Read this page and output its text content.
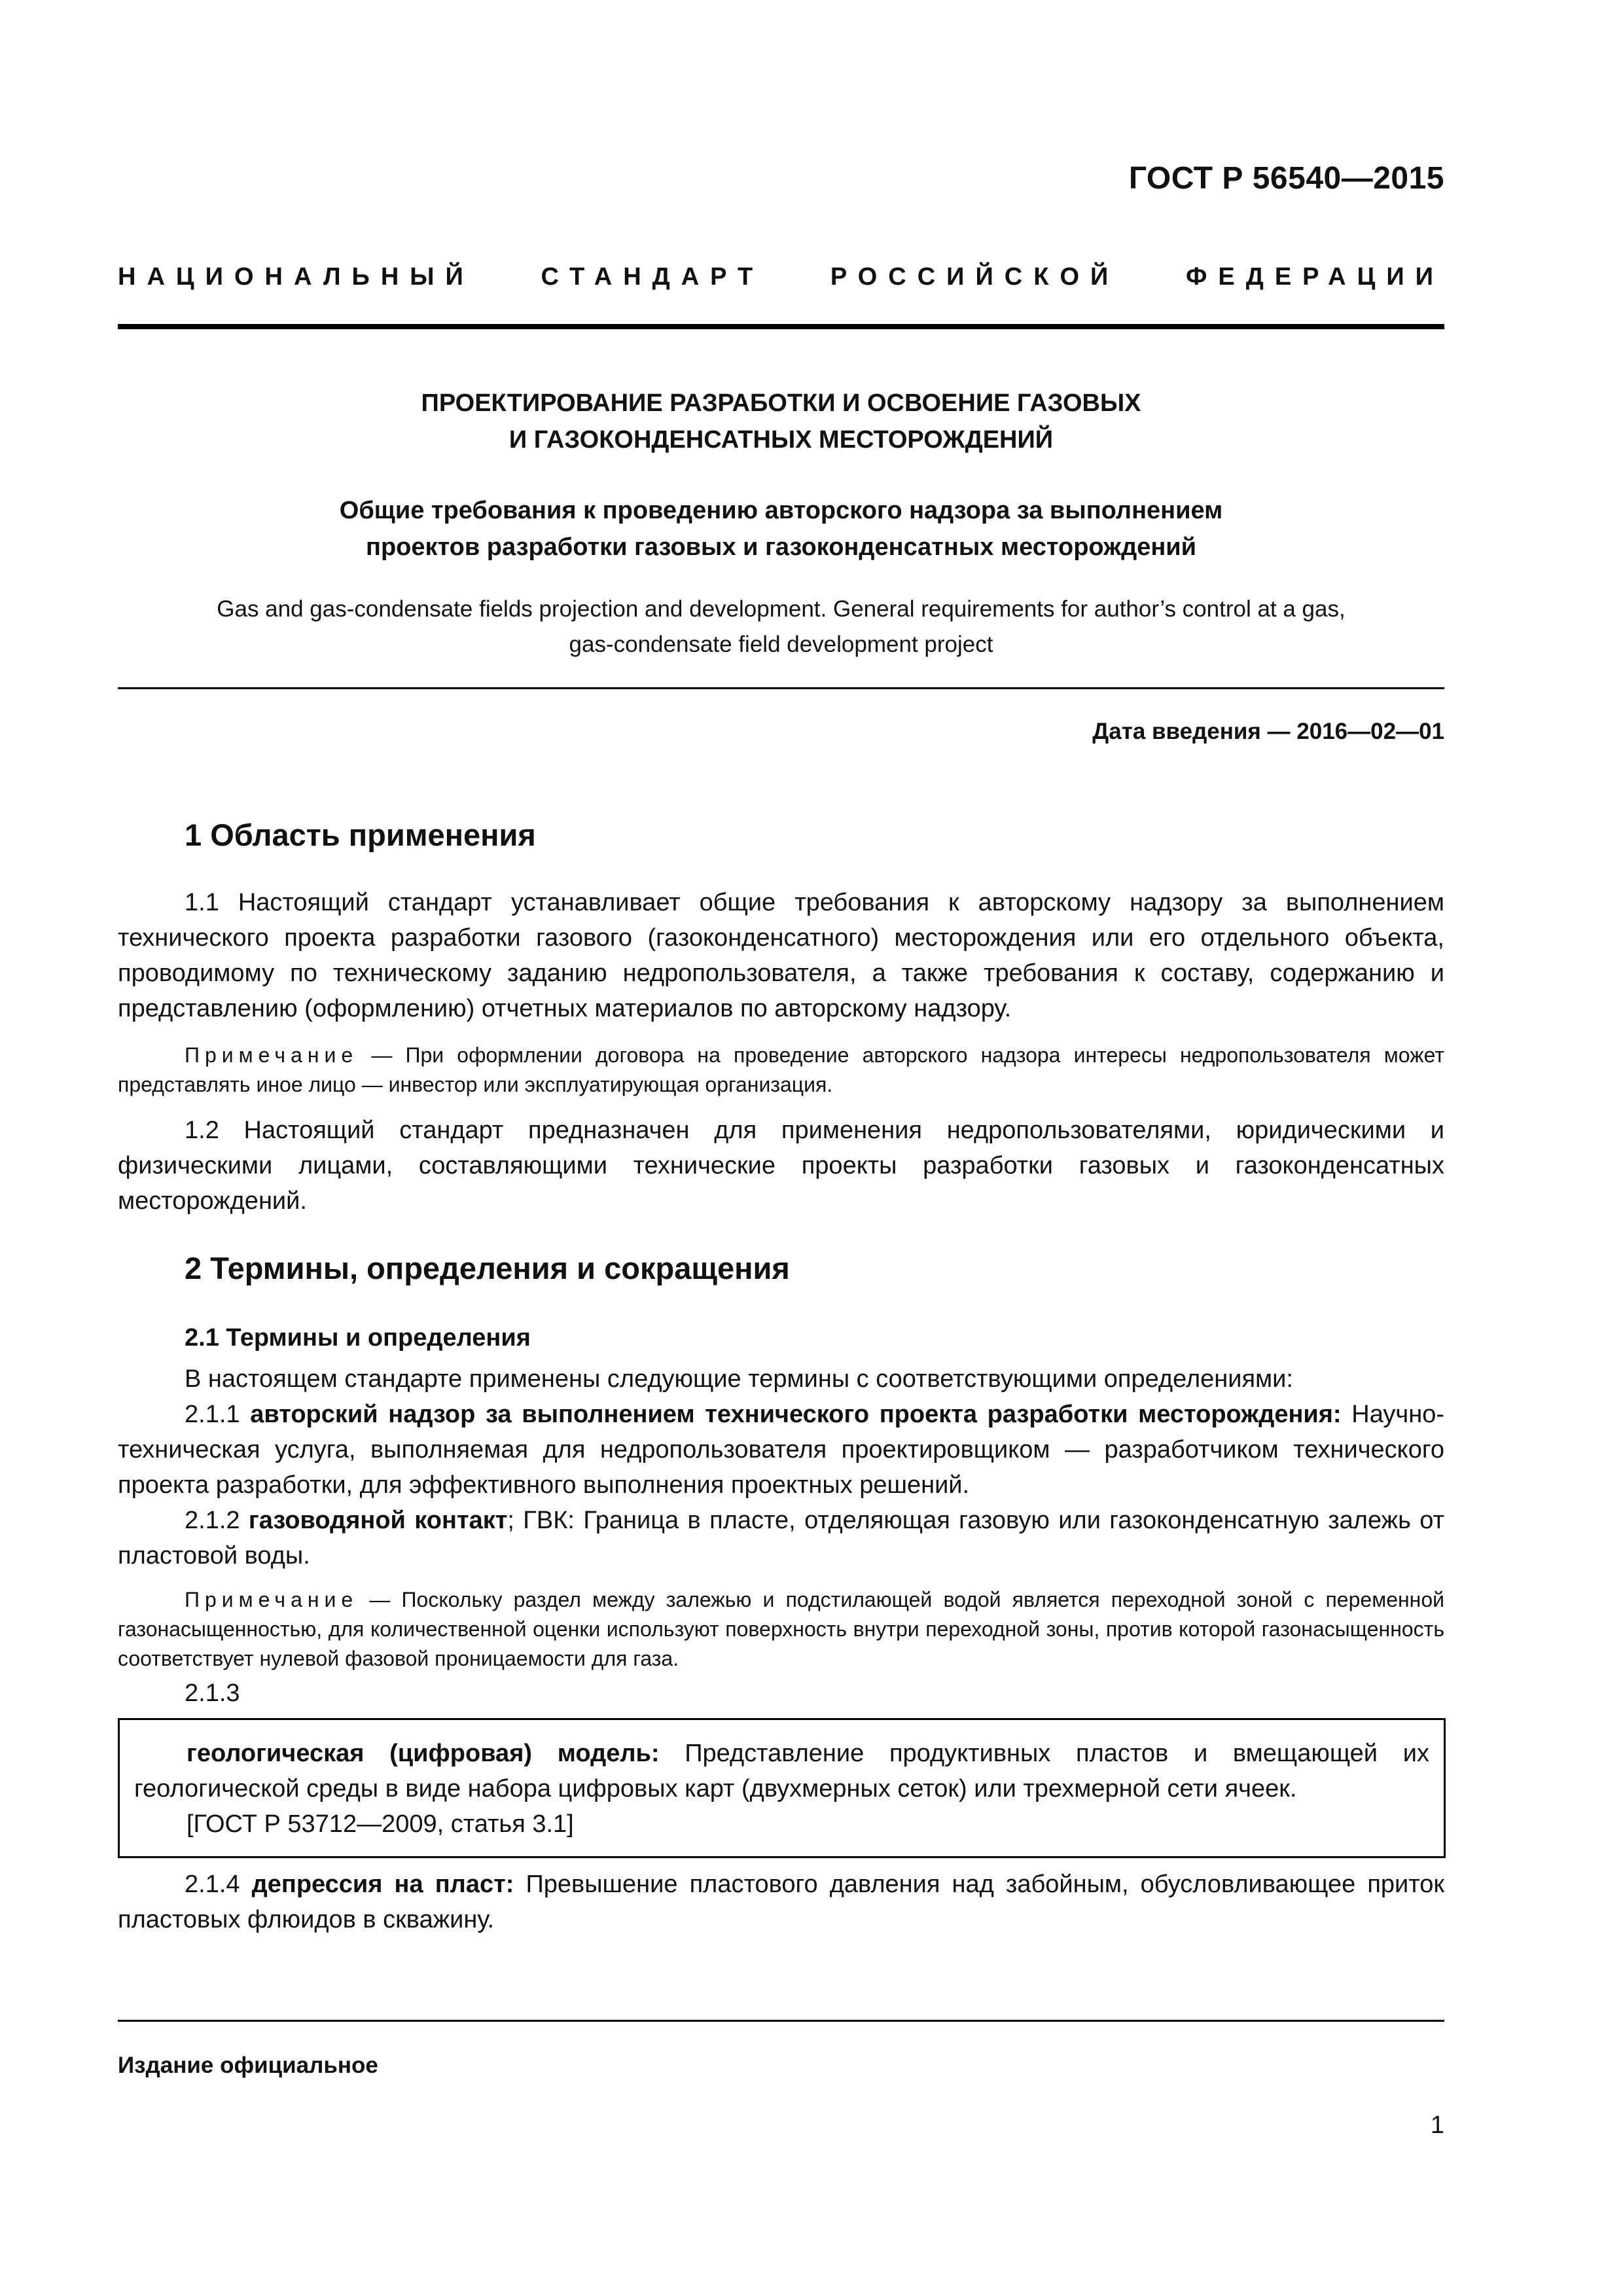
ГОСТ Р 56540—2015
НАЦИОНАЛЬНЫЙ	СТАНДАРТ	РОССИЙСКОЙ	ФЕДЕРАЦИИ
ПРОЕКТИРОВАНИЕ РАЗРАБОТКИ И ОСВОЕНИЕ ГАЗОВЫХ
И ГАЗОКОНДЕНСАТНЫХ МЕСТОРОЖДЕНИЙ
Общие требования к проведению авторского надзора за выполнением
проектов разработки газовых и газоконденсатных месторождений
Gas and gas-condensate fields projection and development. General requirements for author’s control at a gas,
gas-condensate field development project
Дата введения — 2016—02—01
1 Область применения
1.1 Настоящий стандарт устанавливает общие требования к авторскому надзору за выполнением технического проекта разработки газового (газоконденсатного) месторождения или его отдельного объекта, проводимому по техническому заданию недропользователя, а также требования к составу, содержанию и представлению (оформлению) отчетных материалов по авторскому надзору.
Примечание — При оформлении договора на проведение авторского надзора интересы недропользователя может представлять иное лицо — инвестор или эксплуатирующая организация.
1.2 Настоящий стандарт предназначен для применения недропользователями, юридическими и физическими лицами, составляющими технические проекты разработки газовых и газоконденсатных месторождений.
2 Термины, определения и сокращения
2.1 Термины и определения
В настоящем стандарте применены следующие термины с соответствующими определениями:
2.1.1 авторский надзор за выполнением технического проекта разработки месторождения: Научно-техническая услуга, выполняемая для недропользователя проектировщиком — разработчиком технического проекта разработки, для эффективного выполнения проектных решений.
2.1.2 газоводяной контакт; ГВК: Граница в пласте, отделяющая газовую или газоконденсатную залежь от пластовой воды.
Примечание — Поскольку раздел между залежью и подстилающей водой является переходной зоной с переменной газонасыщенностью, для количественной оценки используют поверхность внутри переходной зоны, против которой газонасыщенность соответствует нулевой фазовой проницаемости для газа.
2.1.3

геологическая (цифровая) модель: Представление продуктивных пластов и вмещающей их геологической среды в виде набора цифровых карт (двухмерных сеток) или трехмерной сети ячеек.

[ГОСТ Р 53712—2009, статья 3.1]

2.1.4 депрессия на пласт: Превышение пластового давления над забойным, обусловливающее приток пластовых флюидов в скважину.
Издание официальное
1
